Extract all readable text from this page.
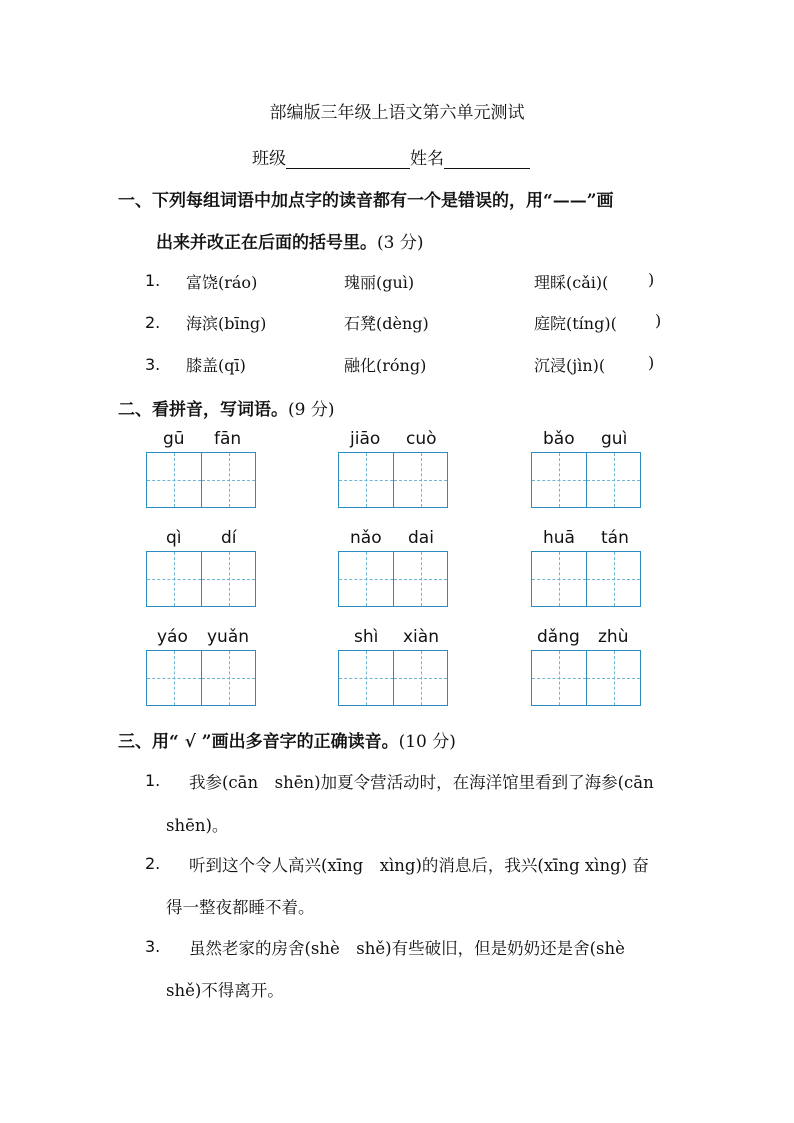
部编版三年级上语文第六单元测试
班级	姓名
一、下列每组词语中加点字的读音都有一个是错误的，用“——”画
出来并改正在后面的括号里。(3 分)
1. 富饶(ráo)	瑰丽(guì)	理睬(cǎi)( )
2. 海滨(bīng)	石凳(dèng)	庭院(tíng)( )
3. 膝盖(qī)	融化(róng)	沉浸(jìn)(	)
二、看拼音，写词语。(9 分)
gū fān	jiāo cuò	bǎo guì
qì dí	nǎo dai	huā tán
yáo yuǎn	shì xiàn	dǎng zhù
三、用“ √ ”画出多音字的正确读音。(10 分)
1. 我参(cān　shēn)加夏令营活动时，在海洋馆里看到了海参(cān
shēn)。
2. 听到这个令人高兴(xīng　xìng)的消息后，我兴(xīng xìng) 奋
得一整夜都睡不着。
3. 虽然老家的房舍(shè　shě)有些破旧，但是奶奶还是舍(shè
shě)不得离开。
